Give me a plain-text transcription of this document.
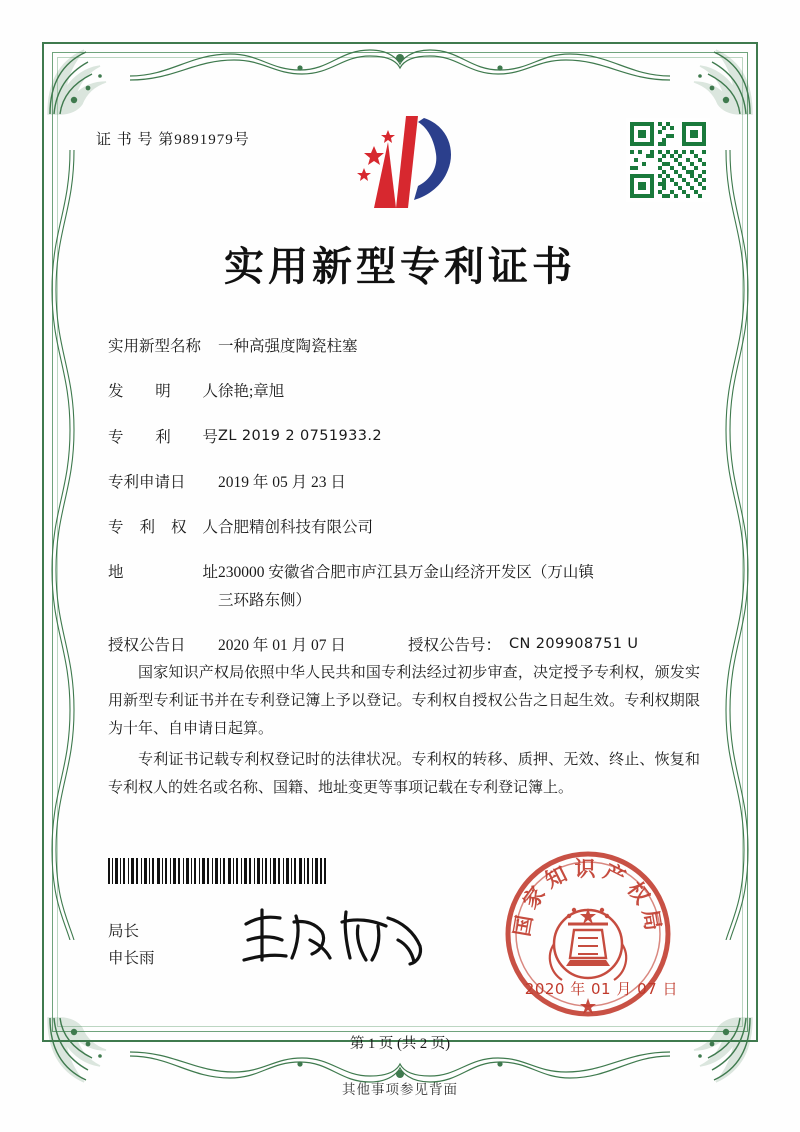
证 书 号 第9891979号
实用新型专利证书
实用新型名称	一种高强度陶瓷柱塞
发 明 人 徐艳;章旭
专 利 号 ZL 2019 2 0751933.2
专利申请日	2019 年 05 月 23 日
专 利 权 人 合肥精创科技有限公司
地	址 230000 安徽省合肥市庐江县万金山经济开发区（万山镇
三环路东侧）
授权公告日	2020 年 01 月 07 日	授权公告号： CN 209908751 U

国家知识产权局依照中华人民共和国专利法经过初步审查，决定授予专利权，颁发实用新型专利证书并在专利登记簿上予以登记。专利权自授权公告之日起生效。专利权期限为十年、自申请日起算。

专利证书记载专利权登记时的法律状况。专利权的转移、质押、无效、终止、恢复和专利权人的姓名或名称、国籍、地址变更等事项记载在专利登记簿上。

局长
申长雨
国家知识产权局
2020 年 01 月 07 日
第 1 页 (共 2 页)
其他事项参见背面
